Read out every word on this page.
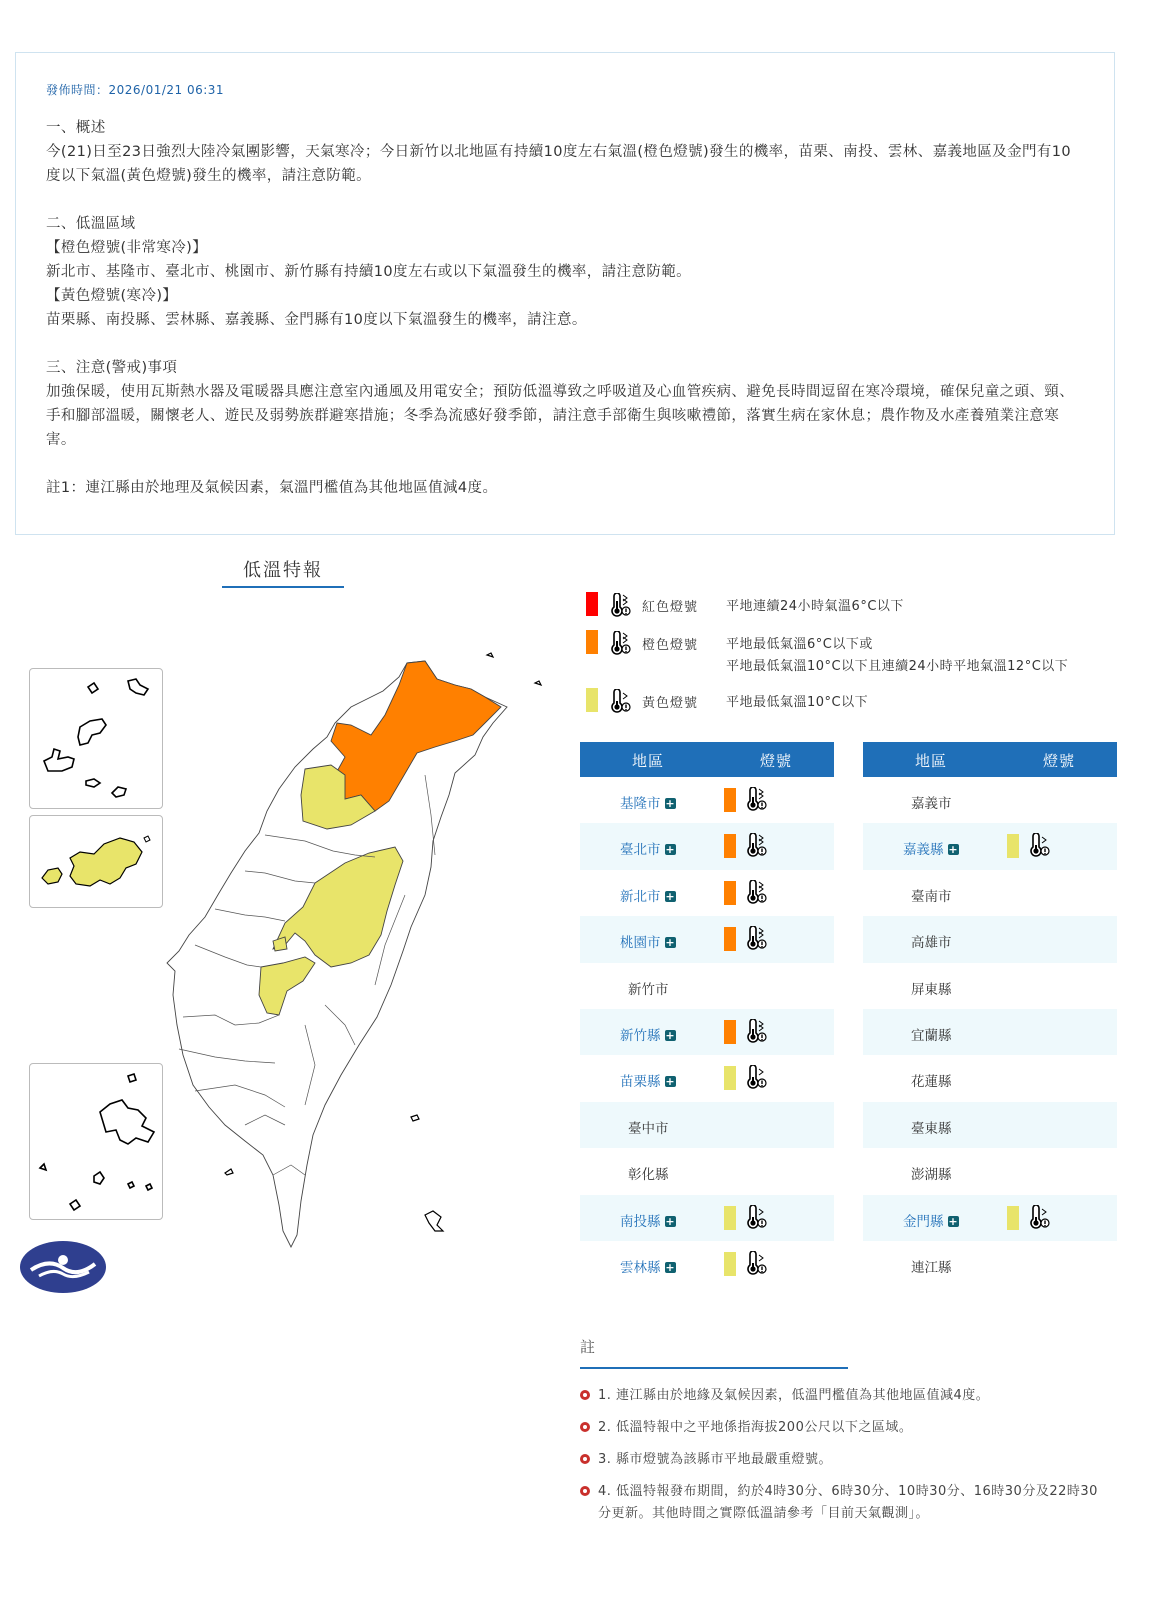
發佈時間：2026/01/21 06:31
一、概述
今(21)日至23日強烈大陸冷氣團影響，天氣寒冷；今日新竹以北地區有持續10度左右氣溫(橙色燈號)發生的機率，苗栗、南投、雲林、嘉義地區及金門有10度以下氣溫(黃色燈號)發生的機率，請注意防範。
二、低溫區域
【橙色燈號(非常寒冷)】
新北市、基隆市、臺北市、桃園市、新竹縣有持續10度左右或以下氣溫發生的機率，請注意防範。
【黃色燈號(寒冷)】
苗栗縣、南投縣、雲林縣、嘉義縣、金門縣有10度以下氣溫發生的機率，請注意。
三、注意(警戒)事項
加強保暖，使用瓦斯熱水器及電暖器具應注意室內通風及用電安全；預防低溫導致之呼吸道及心血管疾病、避免長時間逗留在寒冷環境，確保兒童之頭、頸、手和腳部溫暖，關懷老人、遊民及弱勢族群避寒措施；冬季為流感好發季節，請注意手部衛生與咳嗽禮節，落實生病在家休息；農作物及水產養殖業注意寒害。
註1：連江縣由於地理及氣候因素，氣溫門檻值為其他地區值減4度。
低溫特報
紅色燈號 平地連續24小時氣溫6°C以下
橙色燈號 平地最低氣溫6°C以下或
平地最低氣溫10°C以下且連續24小時平地氣溫12°C以下
黃色燈號 平地最低氣溫10°C以下
地區	燈號
基隆市 +
臺北市 +
新北市 +
桃園市 +
新竹市
新竹縣 +
苗栗縣 +
臺中市
彰化縣
南投縣 +
雲林縣 +
地區	燈號
嘉義市
嘉義縣 +
臺南市
高雄市
屏東縣
宜蘭縣
花蓮縣
臺東縣
澎湖縣
金門縣 +
連江縣
註
1. 連江縣由於地緣及氣候因素，低溫門檻值為其他地區值減4度。
2. 低溫特報中之平地係指海拔200公尺以下之區域。
3. 縣市燈號為該縣市平地最嚴重燈號。
4. 低溫特報發布期間，約於4時30分、6時30分、10時30分、16時30分及22時30分更新。其他時間之實際低溫請參考「目前天氣觀測」。
